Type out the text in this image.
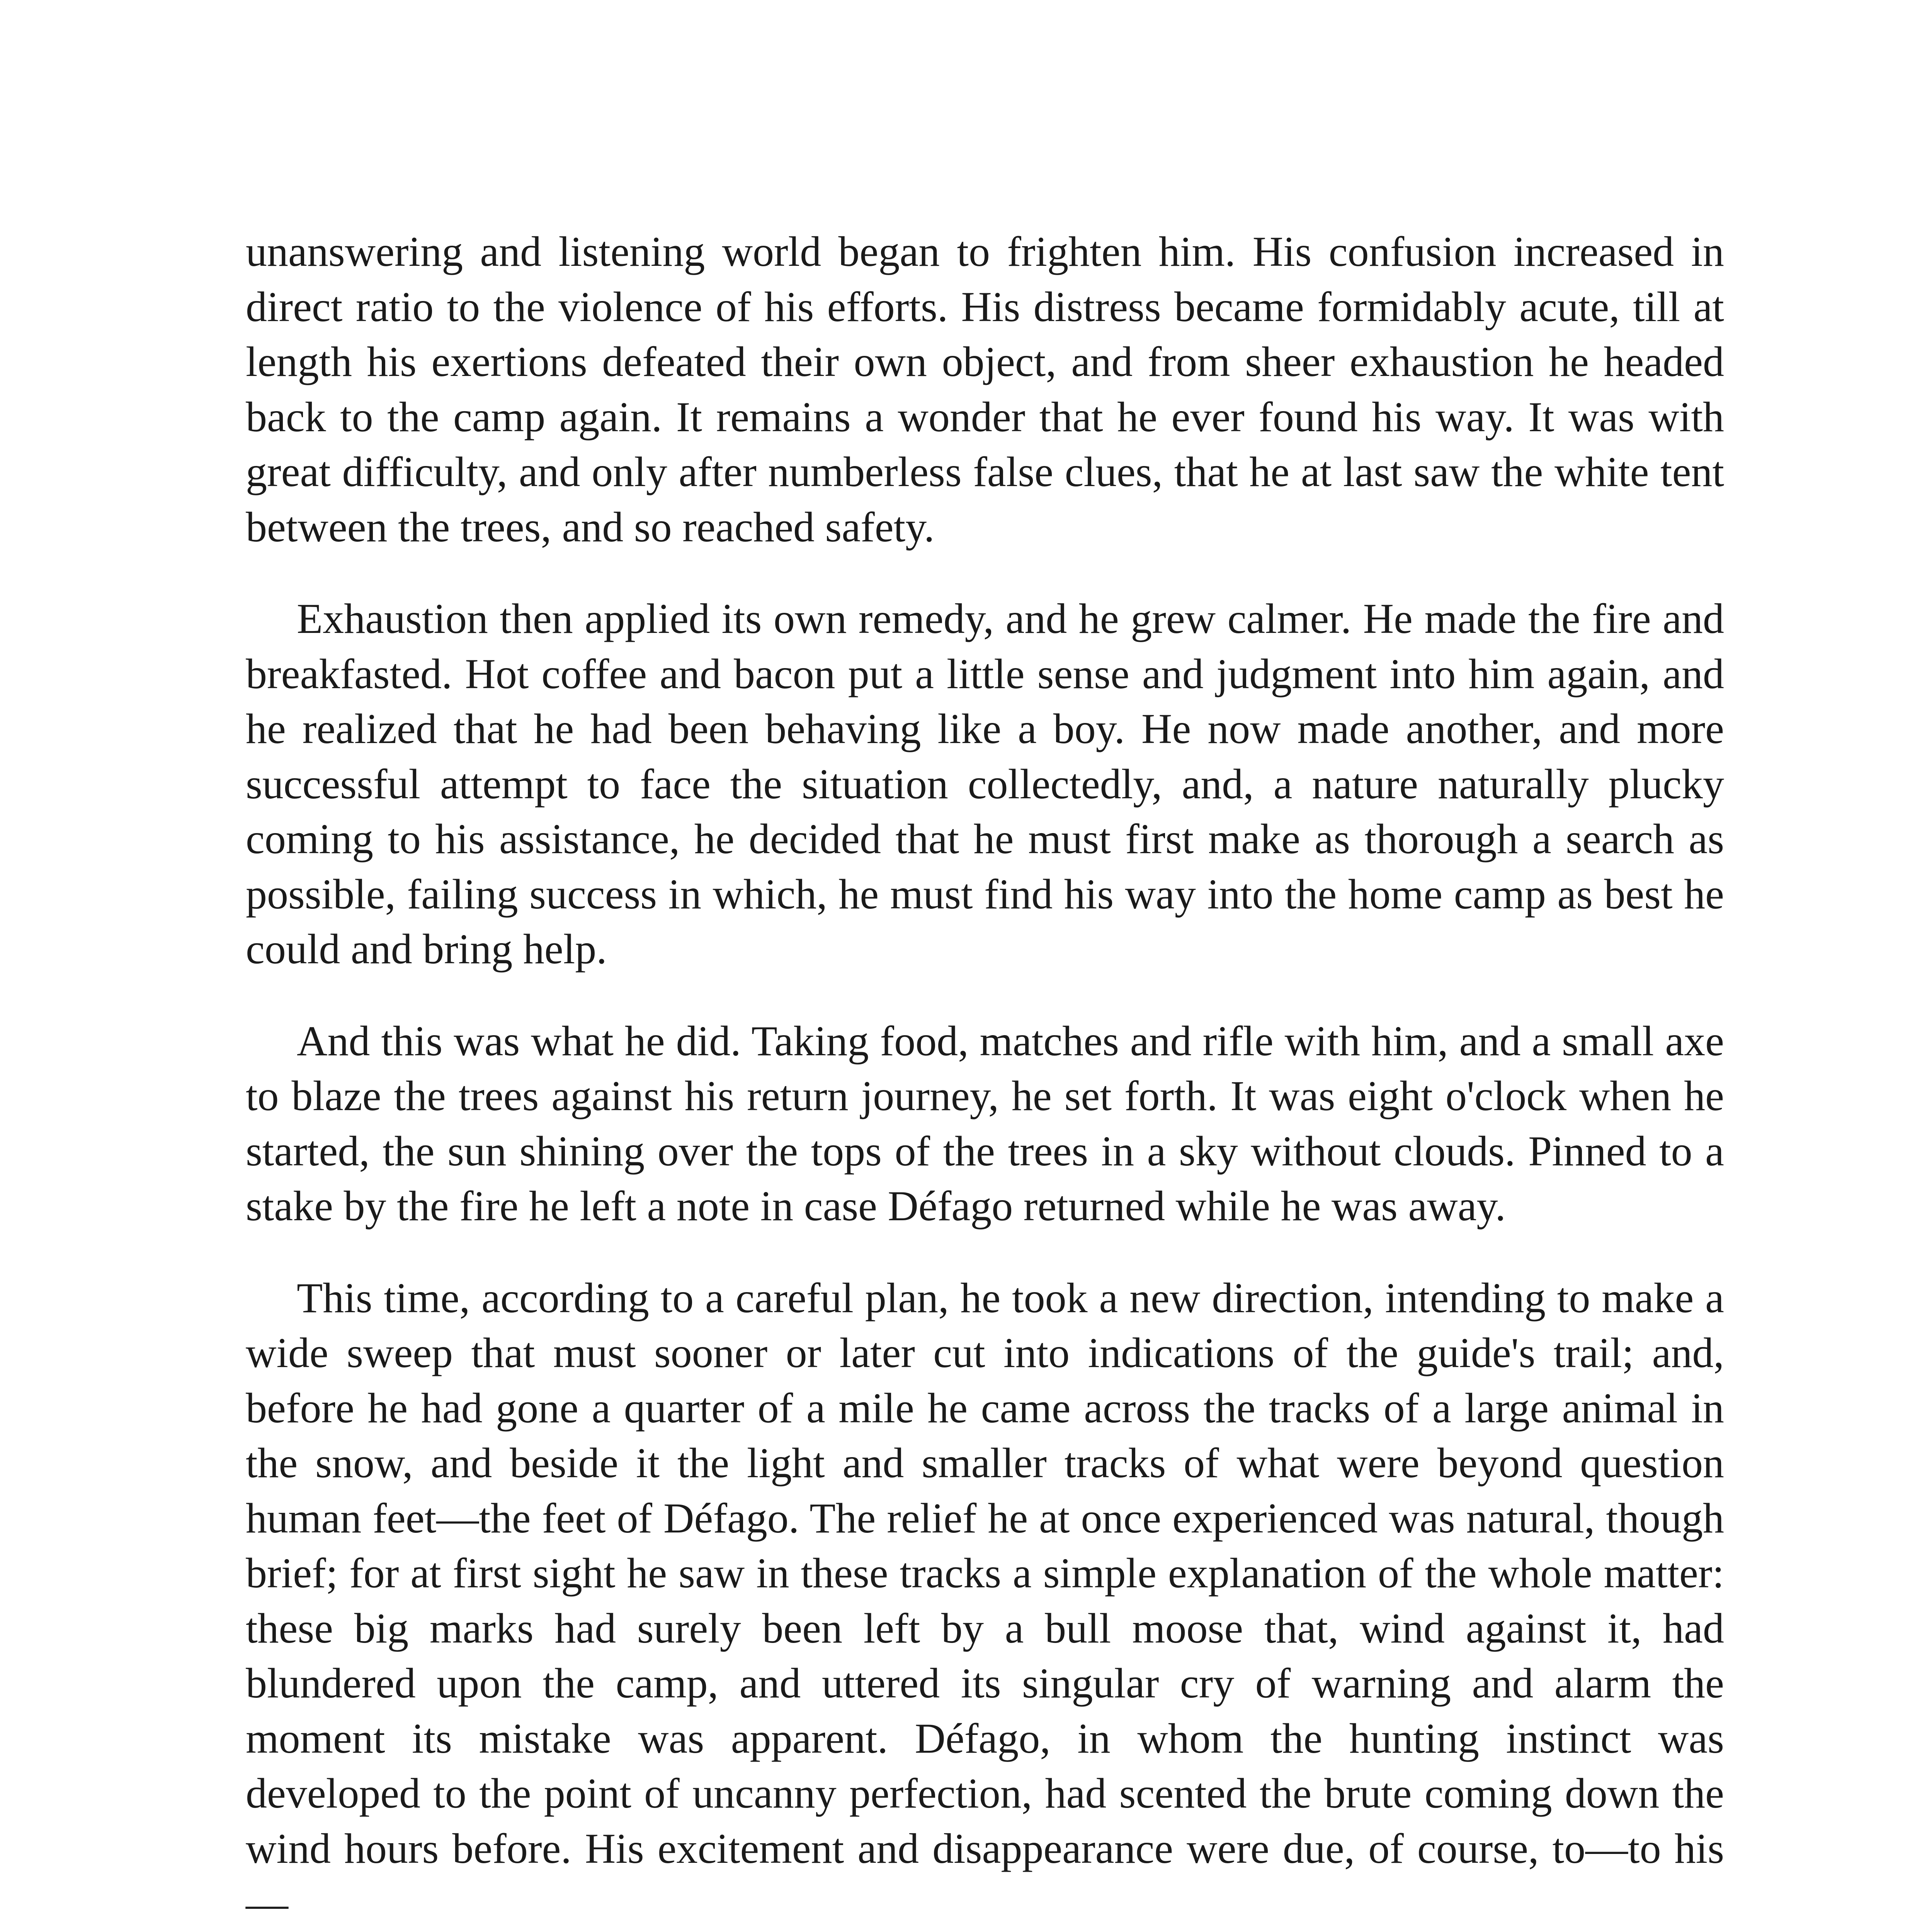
unanswering and listening world began to frighten him. His confusion increased in direct ratio to the violence of his efforts. His distress became formidably acute, till at length his exertions defeated their own object, and from sheer exhaustion he headed back to the camp again. It remains a wonder that he ever found his way. It was with great difficulty, and only after numberless false clues, that he at last saw the white tent between the trees, and so reached safety.

Exhaustion then applied its own remedy, and he grew calmer. He made the fire and breakfasted. Hot coffee and bacon put a little sense and judgment into him again, and he realized that he had been behaving like a boy. He now made another, and more successful attempt to face the situation collectedly, and, a nature naturally plucky coming to his assistance, he decided that he must first make as thorough a search as possible, failing success in which, he must find his way into the home camp as best he could and bring help.

And this was what he did. Taking food, matches and rifle with him, and a small axe to blaze the trees against his return journey, he set forth. It was eight o'clock when he started, the sun shining over the tops of the trees in a sky without clouds. Pinned to a stake by the fire he left a note in case Défago returned while he was away.

This time, according to a careful plan, he took a new direction, intending to make a wide sweep that must sooner or later cut into indications of the guide's trail; and, before he had gone a quarter of a mile he came across the tracks of a large animal in the snow, and beside it the light and smaller tracks of what were beyond question human feet—the feet of Défago. The relief he at once experienced was natural, though brief; for at first sight he saw in these tracks a simple explanation of the whole matter: these big marks had surely been left by a bull moose that, wind against it, had blundered upon the camp, and uttered its singular cry of warning and alarm the moment its mistake was apparent. Défago, in whom the hunting instinct was developed to the point of uncanny perfection, had scented the brute coming down the wind hours before. His excitement and disappearance were due, of course, to—to his—
